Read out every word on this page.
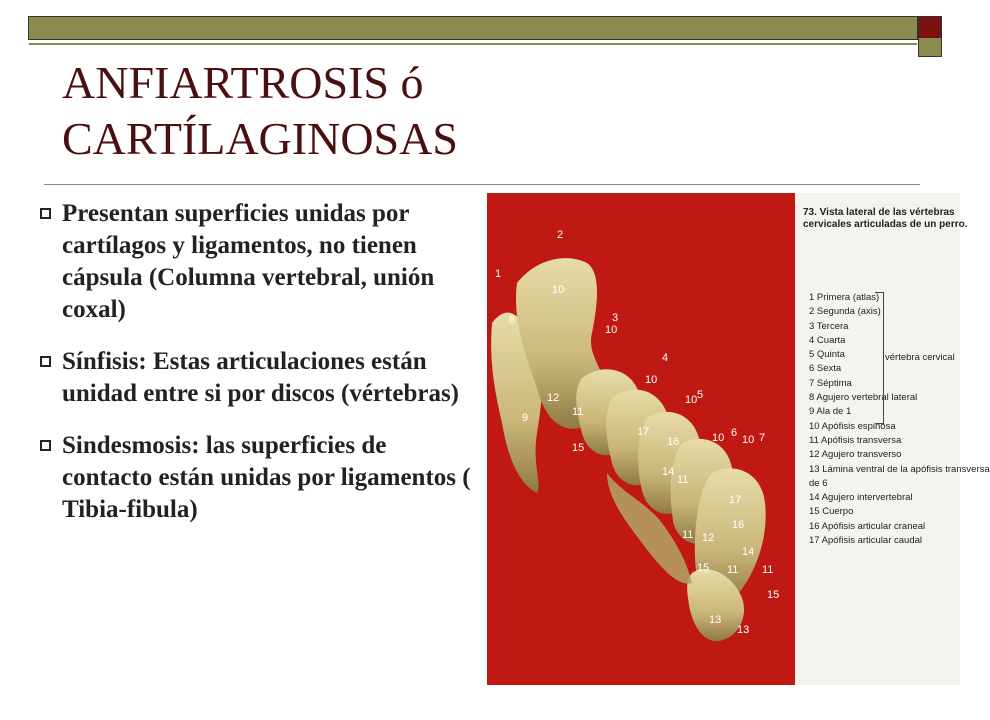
ANFIARTROSIS ó
CARTÍLAGINOSAS
Presentan superficies unidas por cartílagos y ligamentos, no tienen cápsula (Columna vertebral, unión coxal)
Sínfisis: Estas articulaciones están unidad entre si por discos (vértebras)
Sindesmosis: las superficies de contacto están unidas por ligamentos ( Tibia-fibula)
1
2
8
10
3
10
9
12
11
15
4
10
17
16
14
10 5
10 6
10 7
11
17
16
11 12
15 11
13
13
14
11
15
73. Vista lateral de las vértebras
cervicales articuladas de un perro.
1 Primera (atlas)
2 Segunda (axis)
3 Tercera
4 Cuarta
5 Quinta
6 Sexta
7 Séptima
8 Agujero vertebral lateral
9 Ala de 1
10 Apófisis espinosa
11 Apófisis transversa
12 Agujero transverso
13 Lámina ventral de la apófisis transversa
de 6
14 Agujero intervertebral
15 Cuerpo
16 Apófisis articular craneal
17 Apófisis articular caudal
vértebra cervical
